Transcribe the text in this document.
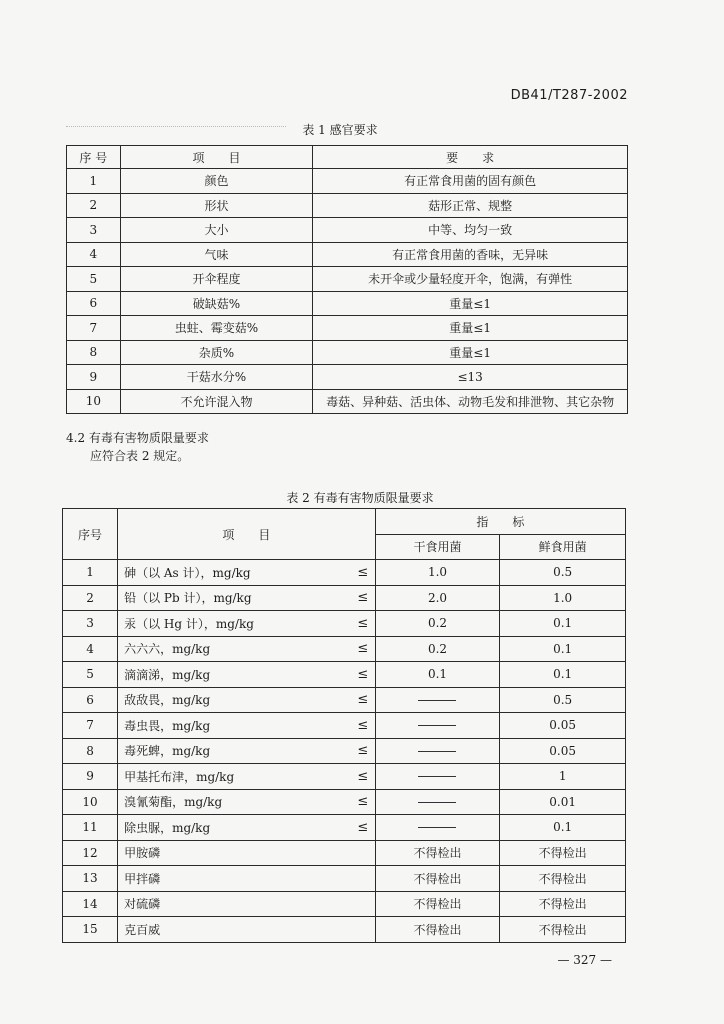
DB41/T287-2002
表 1 感官要求
序 号	项　　目	要　　求
1	颜色	有正常食用菌的固有颜色
2	形状	菇形正常、规整
3	大小	中等、均匀一致
4	气味	有正常食用菌的香味，无异味
5	开伞程度	未开伞或少量轻度开伞，饱满，有弹性
6	破缺菇%	重量≤1
7	虫蛀、霉变菇%	重量≤1
8	杂质%	重量≤1
9	干菇水分%	≤13
10	不允许混入物	毒菇、异种菇、活虫体、动物毛发和排泄物、其它杂物
4.2 有毒有害物质限量要求
应符合表 2 规定。
表 2 有毒有害物质限量要求
序号	项　　目		指　　标	
			干食用菌	鲜食用菌
1	砷（以 As 计），mg/kg	≤	1.0	0.5
2	铅（以 Pb 计），mg/kg	≤	2.0	1.0
3	汞（以 Hg 计），mg/kg	≤	0.2	0.1
4	六六六，mg/kg	≤	0.2	0.1
5	滴滴涕，mg/kg	≤	0.1	0.1
6	敌敌畏，mg/kg	≤		0.5
7	毒虫畏，mg/kg	≤		0.05
8	毒死蜱，mg/kg	≤		0.05
9	甲基托布津，mg/kg	≤		1
10	溴氰菊酯，mg/kg	≤		0.01
11	除虫脲，mg/kg	≤		0.1
12	甲胺磷		不得检出	不得检出
13	甲拌磷		不得检出	不得检出
14	对硫磷		不得检出	不得检出
15	克百威		不得检出	不得检出
— 327 —
